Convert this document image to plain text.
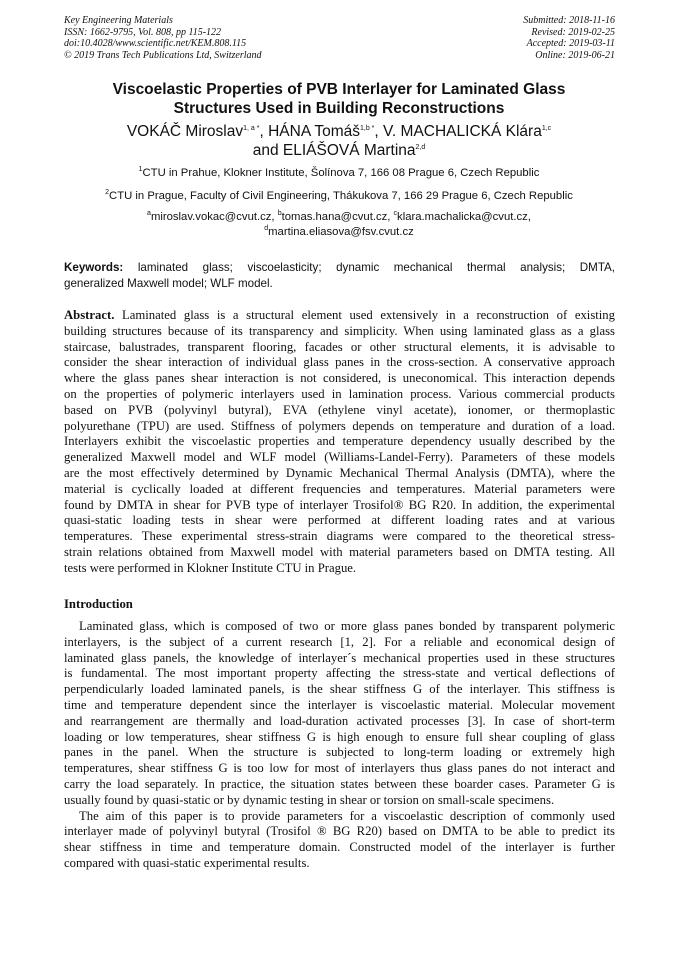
Key Engineering Materials
ISSN: 1662-9795, Vol. 808, pp 115-122
doi:10.4028/www.scientific.net/KEM.808.115
© 2019 Trans Tech Publications Ltd, Switzerland
Submitted: 2018-11-16
Revised: 2019-02-25
Accepted: 2019-03-11
Online: 2019-06-21
Viscoelastic Properties of PVB Interlayer for Laminated Glass
Structures Used in Building Reconstructions
VOKÁČ Miroslav$^{1, a *}$, HÁNA Tomáš$^{1,b *}$, V. MACHALICKÁ Klára$^{1,c}$
and ELIÁŠOVÁ Martina$^{2,d}$
$^1$CTU in Prahue, Klokner Institute, Šolínova 7, 166 08 Prague 6, Czech Republic
$^2$CTU in Prague, Faculty of Civil Engineering, Thákukova 7, 166 29 Prague 6, Czech Republic
$^a$miroslav.vokac@cvut.cz, $^b$tomas.hana@cvut.cz, $^c$klara.machalicka@cvut.cz,
$^d$martina.eliasova@fsv.cvut.cz
Keywords: laminated glass; viscoelasticity; dynamic mechanical thermal analysis; DMTA,
generalized Maxwell model; WLF model.
Abstract. Laminated glass is a structural element used extensively in a reconstruction of existing
building structures because of its transparency and simplicity. When using laminated glass as a glass
staircase, balustrades, transparent flooring, facades or other structural elements, it is advisable to
consider the shear interaction of individual glass panes in the cross-section. A conservative approach
where the glass panes shear interaction is not considered, is uneconomical. This interaction depends
on the properties of polymeric interlayers used in lamination process. Various commercial products
based on PVB (polyvinyl butyral), EVA (ethylene vinyl acetate), ionomer, or thermoplastic
polyurethane (TPU) are used. Stiffness of polymers depends on temperature and duration of a load.
Interlayers exhibit the viscoelastic properties and temperature dependency usually described by the
generalized Maxwell model and WLF model (Williams-Landel-Ferry). Parameters of these models
are the most effectively determined by Dynamic Mechanical Thermal Analysis (DMTA), where the
material is cyclically loaded at different frequencies and temperatures. Material parameters were
found by DMTA in shear for PVB type of interlayer Trosifol® BG R20. In addition, the experimental
quasi-static loading tests in shear were performed at different loading rates and at various
temperatures. These experimental stress-strain diagrams were compared to the theoretical stress-
strain relations obtained from Maxwell model with material parameters based on DMTA testing. All
tests were performed in Klokner Institute CTU in Prague.
Introduction
Laminated glass, which is composed of two or more glass panes bonded by transparent polymeric
interlayers, is the subject of a current research [1, 2]. For a reliable and economical design of
laminated glass panels, the knowledge of interlayer´s mechanical properties used in these structures
is fundamental. The most important property affecting the stress-state and vertical deflections of
perpendicularly loaded laminated panels, is the shear stiffness G of the interlayer. This stiffness is
time and temperature dependent since the interlayer is viscoelastic material. Molecular movement
and rearrangement are thermally and load-duration activated processes [3]. In case of short-term
loading or low temperatures, shear stiffness G is high enough to ensure full shear coupling of glass
panes in the panel. When the structure is subjected to long-term loading or extremely high
temperatures, shear stiffness G is too low for most of interlayers thus glass panes do not interact and
carry the load separately. In practice, the situation states between these boarder cases. Parameter G is
usually found by quasi-static or by dynamic testing in shear or torsion on small-scale specimens.
The aim of this paper is to provide parameters for a viscoelastic description of commonly used
interlayer made of polyvinyl butyral (Trosifol ® BG R20) based on DMTA to be able to predict its
shear stiffness in time and temperature domain. Constructed model of the interlayer is further
compared with quasi-static experimental results.
